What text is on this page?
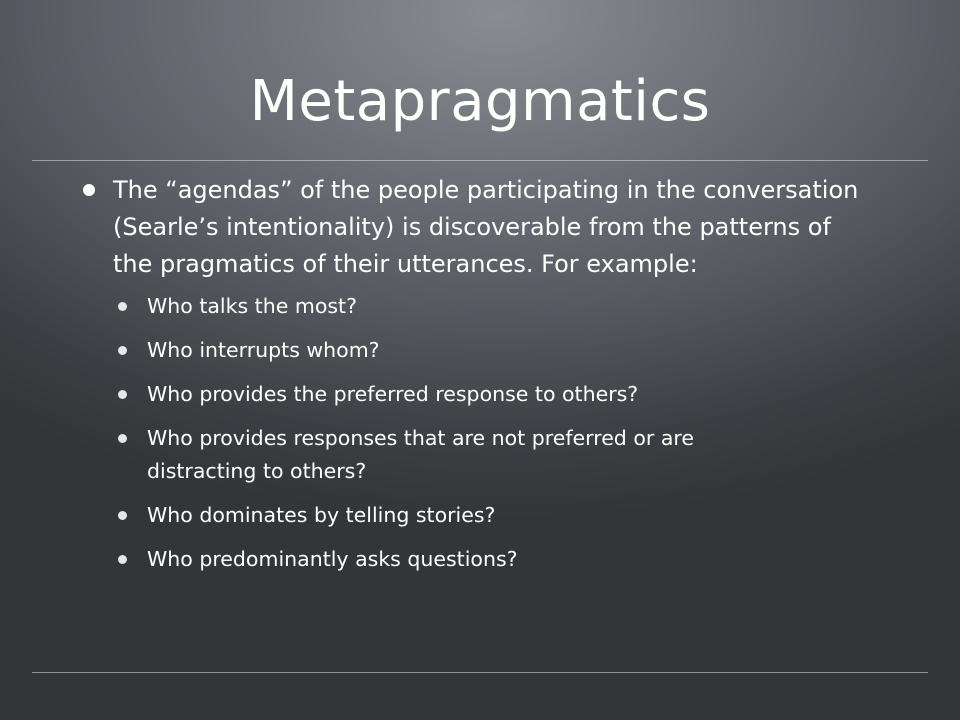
Metapragmatics

The “agendas” of the people participating in the conversation (Searle’s intentionality) is discoverable from the patterns of the pragmatics of their utterances. For example:

Who talks the most?
Who interrupts whom?
Who provides the preferred response to others?
Who provides responses that are not preferred or are distracting to others?
Who dominates by telling stories?
Who predominantly asks questions?
